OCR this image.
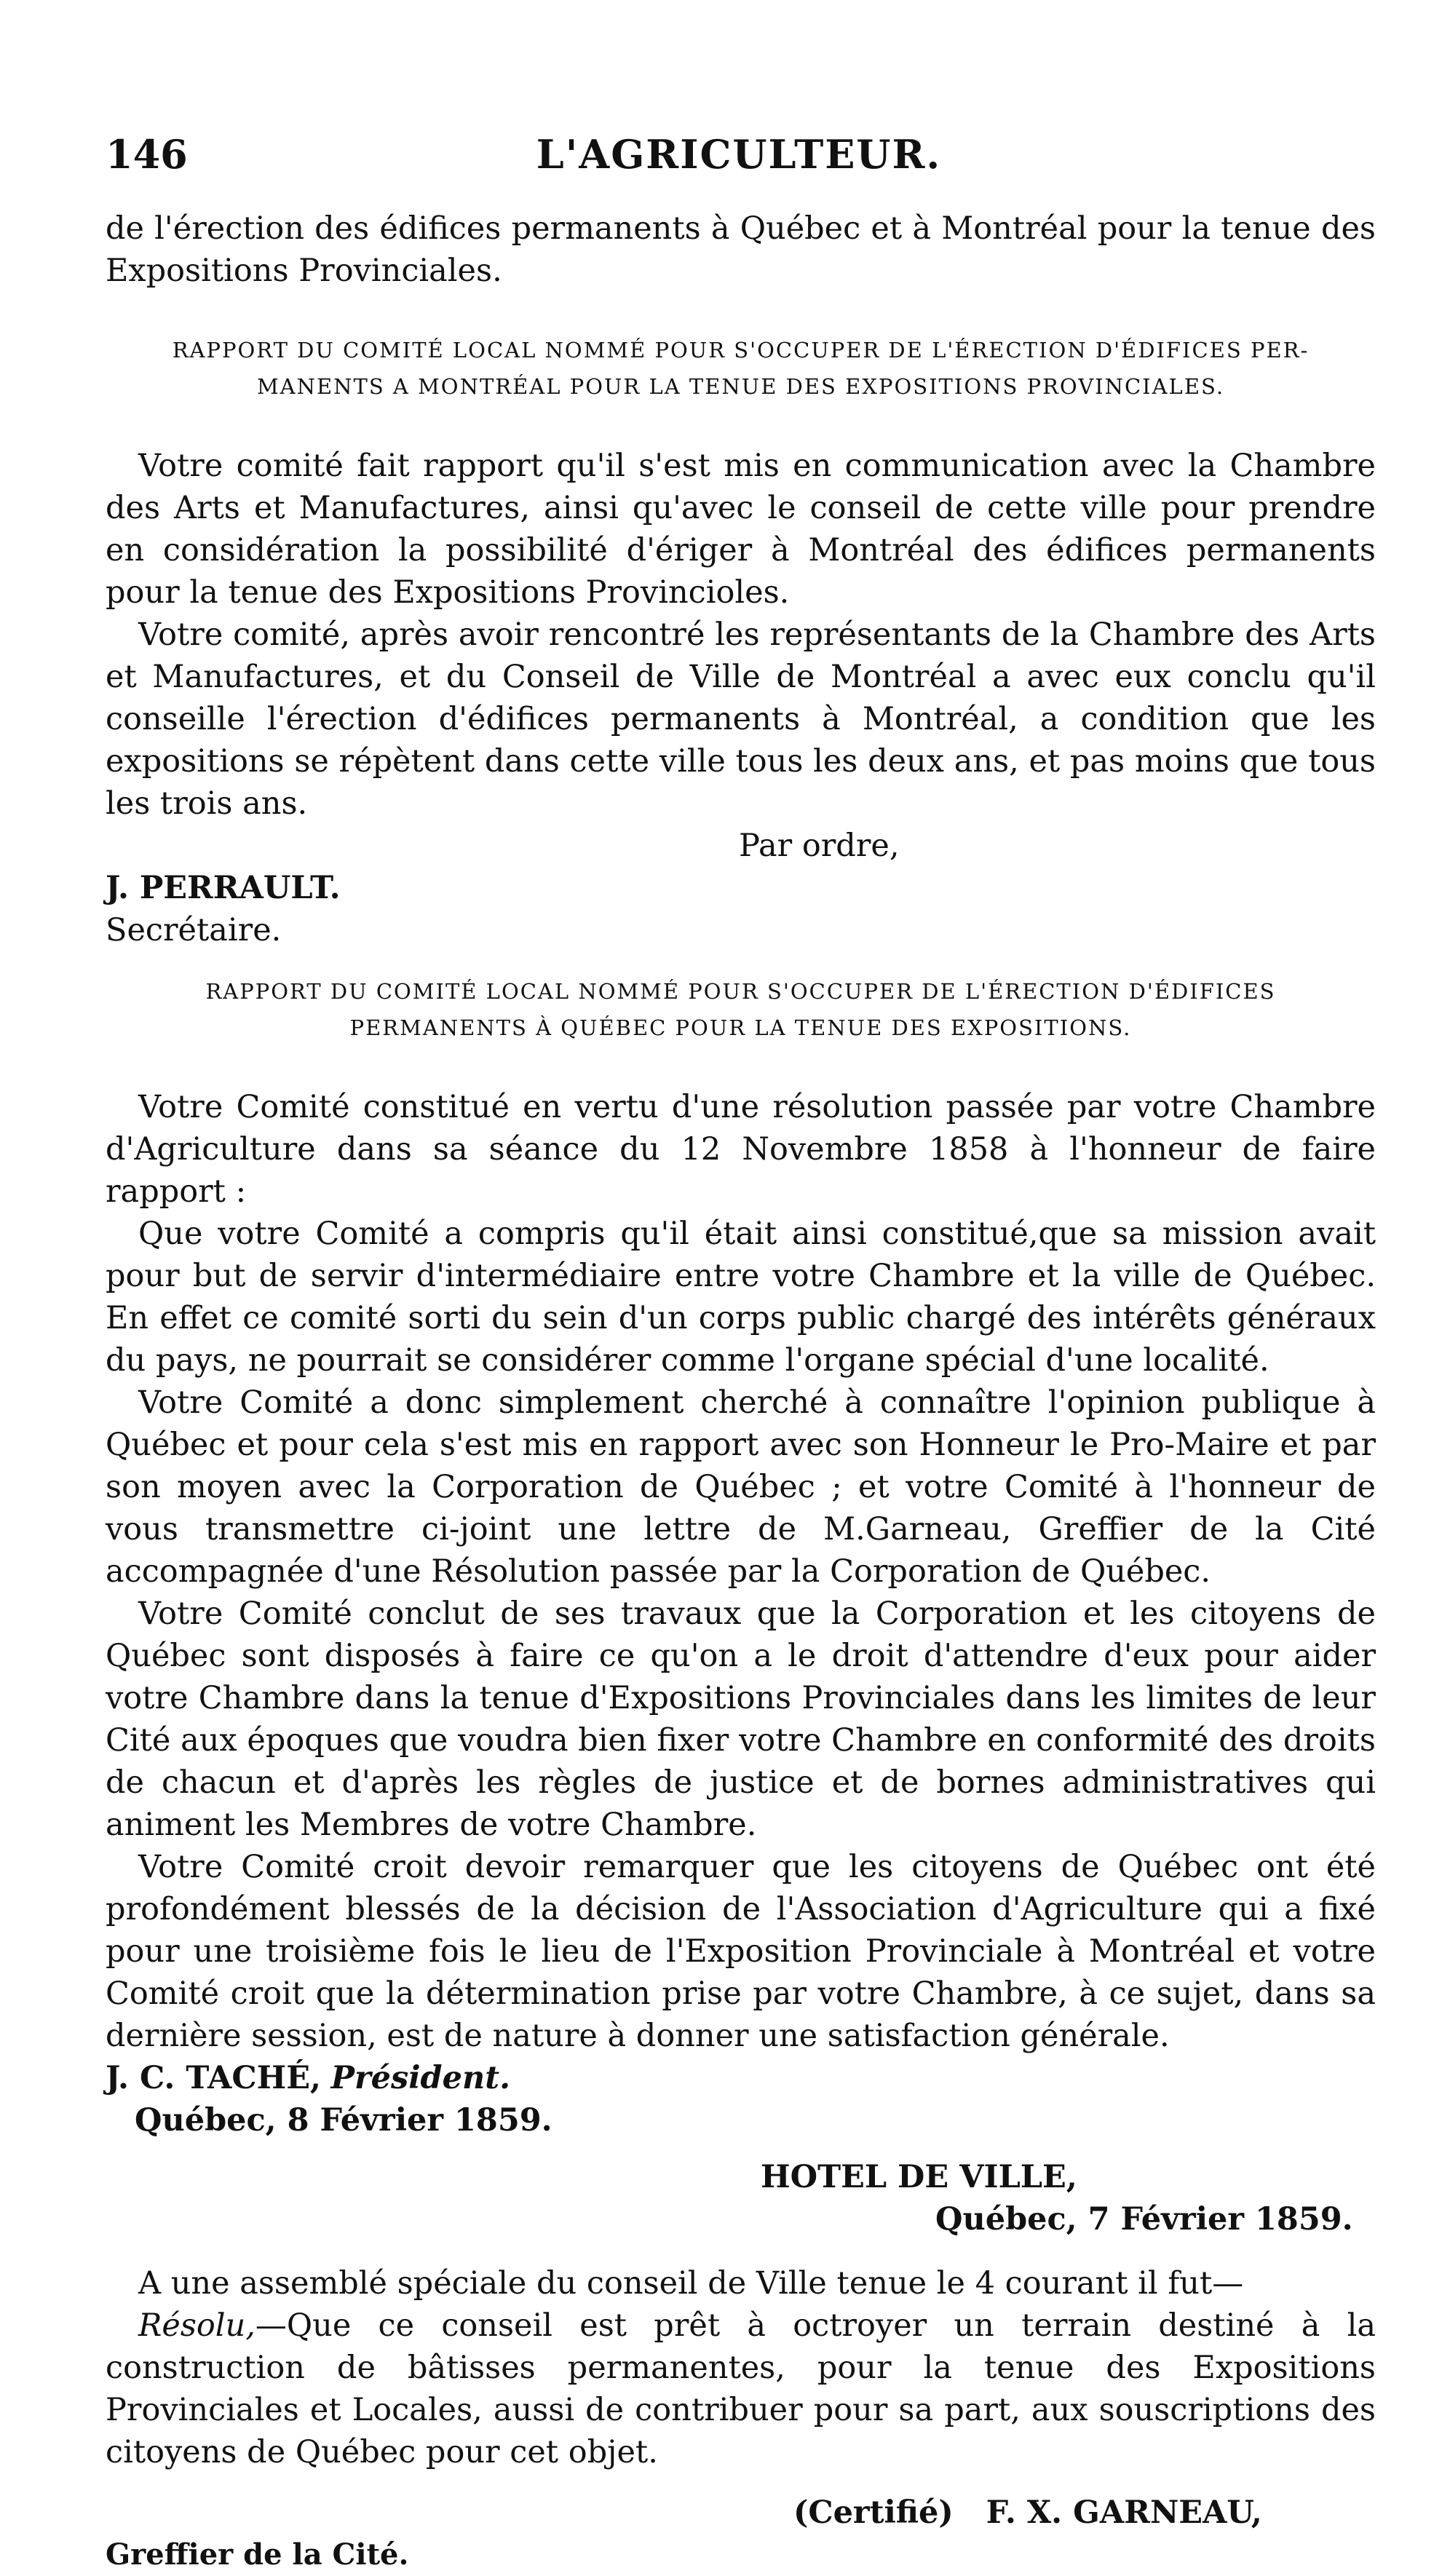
146	L'AGRICULTEUR.

de l'érection des édifices permanents à Québec et à Montréal pour la tenue des

Expositions Provinciales.

RAPPORT DU COMITÉ LOCAL NOMMÉ POUR S'OCCUPER DE L'ÉRECTION D'ÉDIFICES PER-
MANENTS A MONTRÉAL POUR LA TENUE DES EXPOSITIONS PROVINCIALES.

Votre comité fait rapport qu'il s'est mis en communication avec la Chambre des Arts et Manufactures, ainsi qu'avec le conseil de cette ville pour prendre en considération la possibilité d'ériger à Montréal des édifices permanents pour la tenue des Expositions Provincioles.

Votre comité, après avoir rencontré les représentants de la Chambre des Arts et Manufactures, et du Conseil de Ville de Montréal a avec eux conclu qu'il conseille l'érection d'édifices permanents à Montréal, a condition que les expositions se répètent dans cette ville tous les deux ans, et pas moins que tous les trois ans.

Par ordre,

J. PERRAULT.

Secrétaire.

RAPPORT DU COMITÉ LOCAL NOMMÉ POUR S'OCCUPER DE L'ÉRECTION D'ÉDIFICES
PERMANENTS À QUÉBEC POUR LA TENUE DES EXPOSITIONS.

Votre Comité constitué en vertu d'une résolution passée par votre Chambre d'Agriculture dans sa séance du 12 Novembre 1858 à l'honneur de faire rapport :

Que votre Comité a compris qu'il était ainsi constitué,que sa mission avait pour but de servir d'intermédiaire entre votre Chambre et la ville de Québec. En effet ce comité sorti du sein d'un corps public chargé des intérêts généraux du pays, ne pourrait se considérer comme l'organe spécial d'une localité.

Votre Comité a donc simplement cherché à connaître l'opinion publique à Québec et pour cela s'est mis en rapport avec son Honneur le Pro-Maire et par son moyen avec la Corporation de Québec ; et votre Comité à l'honneur de vous transmettre ci-joint une lettre de M.Garneau, Greffier de la Cité accompagnée d'une Résolution passée par la Corporation de Québec.

Votre Comité conclut de ses travaux que la Corporation et les citoyens de Québec sont disposés à faire ce qu'on a le droit d'attendre d'eux pour aider votre Chambre dans la tenue d'Expositions Provinciales dans les limites de leur Cité aux époques que voudra bien fixer votre Chambre en conformité des droits de chacun et d'après les règles de justice et de bornes administratives qui animent les Membres de votre Chambre.

Votre Comité croit devoir remarquer que les citoyens de Québec ont été profondément blessés de la décision de l'Association d'Agriculture qui a fixé pour une troisième fois le lieu de l'Exposition Provinciale à Montréal et votre Comité croit que la détermination prise par votre Chambre, à ce sujet, dans sa dernière session, est de nature à donner une satisfaction générale.

J. C. TACHÉ, Président.

Québec, 8 Février 1859.

HOTEL DE VILLE,

Québec, 7 Février 1859.

A une assemblé spéciale du conseil de Ville tenue le 4 courant il fut—

Résolu,—Que ce conseil est prêt à octroyer un terrain destiné à la construction de bâtisses permanentes, pour la tenue des Expositions Provinciales et Locales, aussi de contribuer pour sa part, aux souscriptions des citoyens de Québec pour cet objet.

(Certifié) F. X. GARNEAU,

Greffier de la Cité.
